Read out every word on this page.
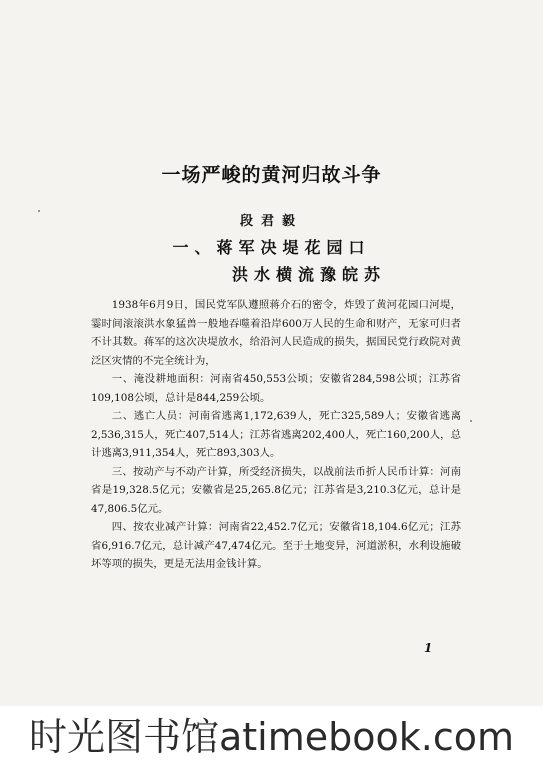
一场严峻的黄河归故斗争
段君毅
一、蒋军决堤花园口
洪水横流豫皖苏

1938年6月9日，国民党军队遵照蒋介石的密令，炸毁了黄河花园口河堤，霎时间滚滚洪水象猛兽一般地吞噬着沿岸600万人民的生命和财产，无家可归者不计其数。蒋军的这次决堤放水，给沿河人民造成的损失，据国民党行政院对黄泛区灾情的不完全统计为，

一、淹没耕地面积：河南省450,553公顷；安徽省284,598公顷；江苏省109,108公顷，总计是844,259公顷。

二、逃亡人员：河南省逃离1,172,639人，死亡325,589人；安徽省逃离2,536,315人，死亡407,514人；江苏省逃离202,400人，死亡160,200人，总计逃离3,911,354人，死亡893,303人。

三、按动产与不动产计算，所受经济损失，以战前法币折人民币计算：河南省是19,328.5亿元；安徽省是25,265.8亿元；江苏省是3,210.3亿元，总计是47,806.5亿元。

四、按农业减产计算：河南省22,452.7亿元；安徽省18,104.6亿元；江苏省6,916.7亿元，总计减产47,474亿元。至于土地变异，河道淤积，水利设施破坏等项的损失，更是无法用金钱计算。

1
时光图书馆atimebook.com
